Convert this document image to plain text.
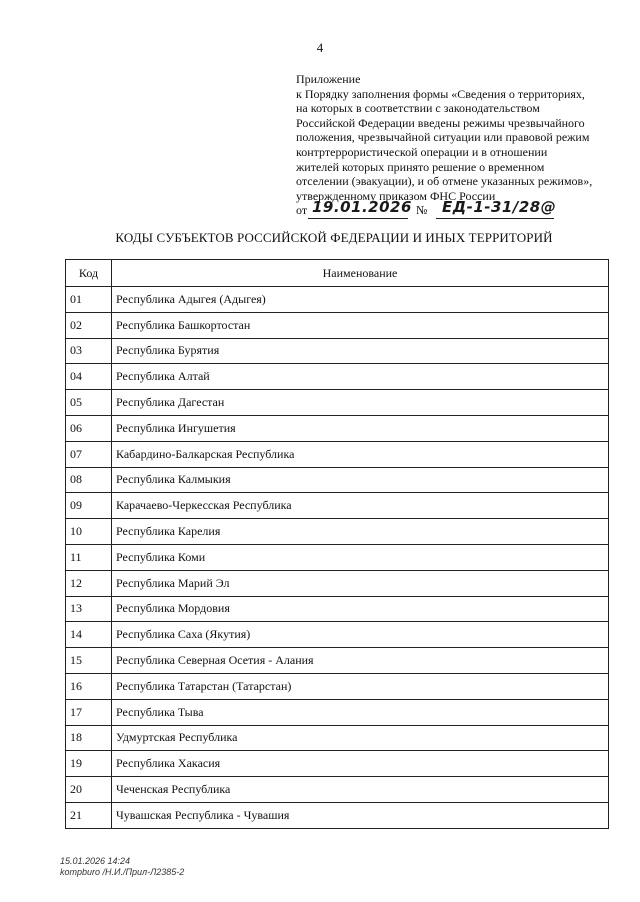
4
Приложение
к Порядку заполнения формы «Сведения о территориях,
на которых в соответствии с законодательством
Российской Федерации введены режимы чрезвычайного
положения, чрезвычайной ситуации или правовой режим
контртеррористической операции и в отношении
жителей которых принято решение о временном
отселении (эвакуации), и об отмене указанных режимов»,
утвержденному приказом ФНС России
от 19.01.2026 № ЕД-1-31/28@
КОДЫ СУБЪЕКТОВ РОССИЙСКОЙ ФЕДЕРАЦИИ И ИНЫХ ТЕРРИТОРИЙ
Код	Наименование
01	Республика Адыгея (Адыгея)
02	Республика Башкортостан
03	Республика Бурятия
04	Республика Алтай
05	Республика Дагестан
06	Республика Ингушетия
07	Кабардино-Балкарская Республика
08	Республика Калмыкия
09	Карачаево-Черкесская Республика
10	Республика Карелия
11	Республика Коми
12	Республика Марий Эл
13	Республика Мордовия
14	Республика Саха (Якутия)
15	Республика Северная Осетия - Алания
16	Республика Татарстан (Татарстан)
17	Республика Тыва
18	Удмуртская Республика
19	Республика Хакасия
20	Чеченская Республика
21	Чувашская Республика - Чувашия
15.01.2026 14:24
kompburo /Н.И./Прил-Л2385-2
